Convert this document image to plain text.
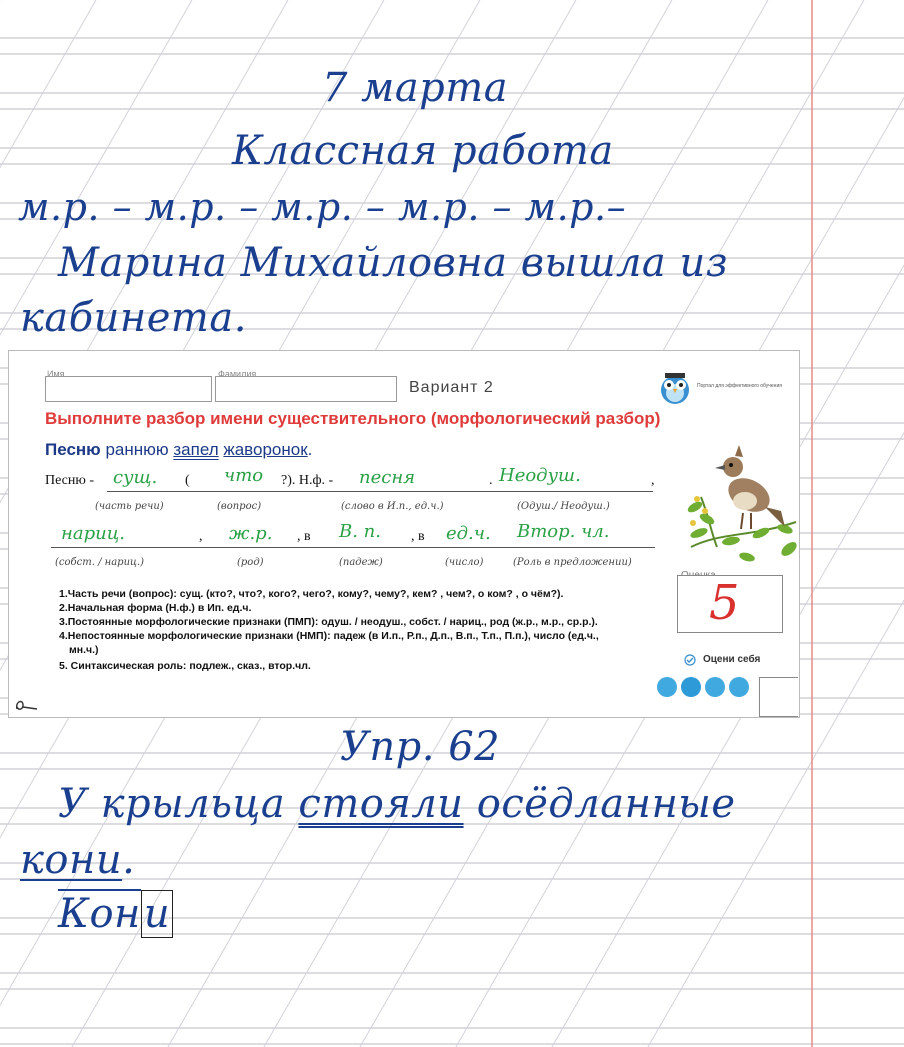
7 марта
Классная работа
м.р. – м.р. – м.р. – м.р. – м.р.–
Марина Михайловна вышла из
кабинета.
Упр. 62
У крыльца стояли осёдланные
кони.
Кони
Имя	Фамилия
Вариант 2	Портал для эффективного обучения
Выполните разбор имени существительного (морфологический разбор)
Песню раннюю запел жаворонок.
Песню - сущ. ( что ?). Н.ф. - песня	. Неодуш.	,
(часть речи)	(вопрос)	(слово в И.п., ед.ч.)	(Одуш./ Неодуш.)
нариц.	, ж.р. , в В. п. , в ед.ч. Втор. чл.
(собст. / нариц.)	(род)	(падеж)	(число)	(Роль в предложении)
1.Часть речи (вопрос): сущ. (кто?, что?, кого?, чего?, кому?, чему?, кем? , чем?, о ком? , о чём?).
2.Начальная форма (Н.ф.) в Ип. ед.ч.
3.Постоянные морфологические признаки (ПМП): одуш. / неодуш., собст. / нариц., род (ж.р., м.р., ср.р.).
4.Непостоянные морфологические признаки (НМП): падеж (в И.п., Р.п., Д.п., В.п., Т.п., П.п.), число (ед.ч.,
мн.ч.)
5. Синтаксическая роль: подлеж., сказ., втор.чл.
5
Оцени себя
